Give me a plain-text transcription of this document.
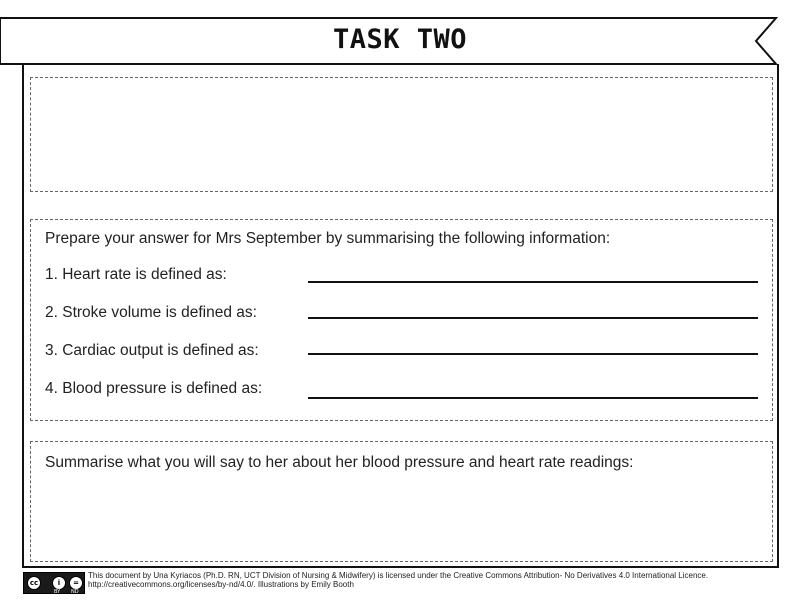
TASK TWO
Prepare your answer for Mrs September by summarising the following information:
1. Heart rate is defined as:
2. Stroke volume is defined as:
3. Cardiac output is defined as:
4. Blood pressure is defined as:
Summarise what you will say to her about her blood pressure and heart rate readings:
cc	i	=
BY ND
This document by Una Kyriacos (Ph.D. RN, UCT Division of Nursing & Midwifery) is licensed under the Creative Commons Attribution- No Derivatives 4.0 International Licence.
http://creativecommons.org/licenses/by-nd/4.0/. Illustrations by Emily Booth
